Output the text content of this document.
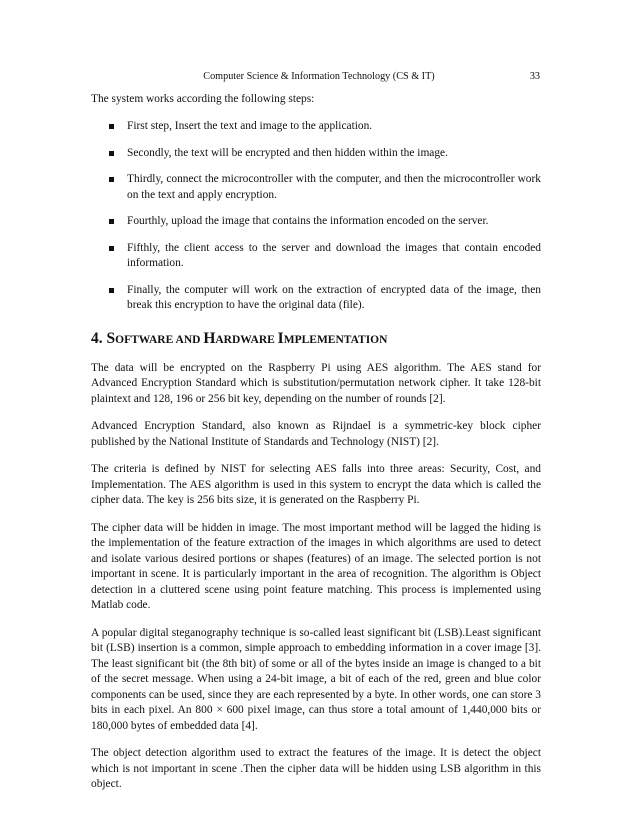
Computer Science & Information Technology (CS & IT)	33

The system works according the following steps:

First step, Insert the text and image to the application.
Secondly, the text will be encrypted and then hidden within the image.
Thirdly, connect the microcontroller with the computer, and then the microcontroller work on the text and apply encryption.
Fourthly, upload the image that contains the information encoded on the server.
Fifthly, the client access to the server and download the images that contain encoded information.
Finally, the computer will work on the extraction of encrypted data of the image, then break this encryption to have the original data (file).
4. SOFTWARE AND HARDWARE IMPLEMENTATION

The data will be encrypted on the Raspberry Pi using AES algorithm. The AES stand for Advanced Encryption Standard which is substitution/permutation network cipher. It take 128-bit plaintext and 128, 196 or 256 bit key, depending on the number of rounds [2].

Advanced Encryption Standard, also known as Rijndael is a symmetric-key block cipher published by the National Institute of Standards and Technology (NIST) [2].

The criteria is defined by NIST for selecting AES falls into three areas: Security, Cost, and Implementation. The AES algorithm is used in this system to encrypt the data which is called the cipher data. The key is 256 bits size, it is generated on the Raspberry Pi.

The cipher data will be hidden in image. The most important method will be lagged the hiding is the implementation of the feature extraction of the images in which algorithms are used to detect and isolate various desired portions or shapes (features) of an image. The selected portion is not important in scene. It is particularly important in the area of recognition. The algorithm is Object detection in a cluttered scene using point feature matching. This process is implemented using Matlab code.

A popular digital steganography technique is so-called least significant bit (LSB).Least significant bit (LSB) insertion is a common, simple approach to embedding information in a cover image [3]. The least significant bit (the 8th bit) of some or all of the bytes inside an image is changed to a bit of the secret message. When using a 24-bit image, a bit of each of the red, green and blue color components can be used, since they are each represented by a byte. In other words, one can store 3 bits in each pixel. An 800 × 600 pixel image, can thus store a total amount of 1,440,000 bits or 180,000 bytes of embedded data [4].

The object detection algorithm used to extract the features of the image. It is detect the object which is not important in scene .Then the cipher data will be hidden using LSB algorithm in this object.
